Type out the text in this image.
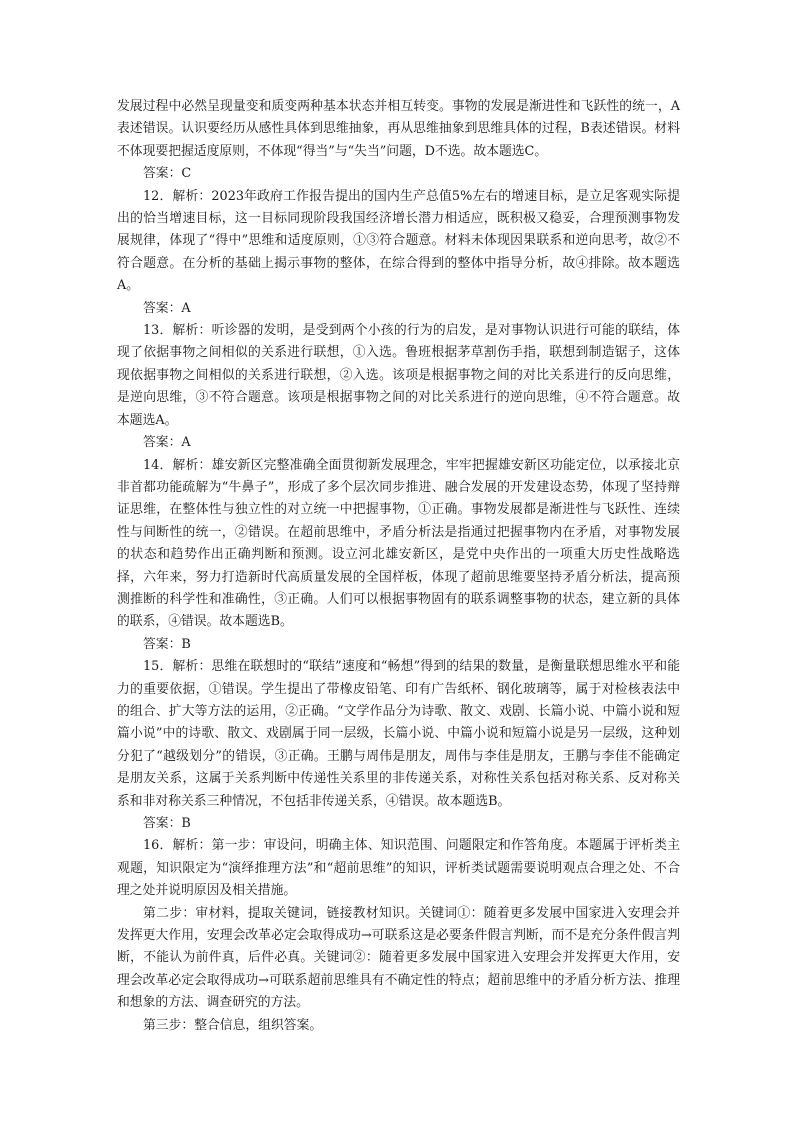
发展过程中必然呈现量变和质变两种基本状态并相互转变。事物的发展是渐进性和飞跃性的统一，A表述错误。认识要经历从感性具体到思维抽象，再从思维抽象到思维具体的过程，B表述错误。材料不体现要把握适度原则，不体现“得当”与“失当”问题，D不选。故本题选C。

答案：C

12．解析：2023年政府工作报告提出的国内生产总值5%左右的增速目标，是立足客观实际提出的恰当增速目标，这一目标同现阶段我国经济增长潜力相适应，既积极又稳妥，合理预测事物发展规律，体现了“得中”思维和适度原则，①③符合题意。材料未体现因果联系和逆向思考，故②不符合题意。在分析的基础上揭示事物的整体，在综合得到的整体中指导分析，故④排除。故本题选A。

答案：A

13．解析：听诊器的发明，是受到两个小孩的行为的启发，是对事物认识进行可能的联结，体现了依据事物之间相似的关系进行联想，①入选。鲁班根据茅草割伤手指，联想到制造锯子，这体现依据事物之间相似的关系进行联想，②入选。该项是根据事物之间的对比关系进行的反向思维，是逆向思维，③不符合题意。该项是根据事物之间的对比关系进行的逆向思维，④不符合题意。故本题选A。

答案：A

14．解析：雄安新区完整准确全面贯彻新发展理念，牢牢把握雄安新区功能定位，以承接北京非首都功能疏解为“牛鼻子”，形成了多个层次同步推进、融合发展的开发建设态势，体现了坚持辩证思维，在整体性与独立性的对立统一中把握事物，①正确。事物发展都是渐进性与飞跃性、连续性与间断性的统一，②错误。在超前思维中，矛盾分析法是指通过把握事物内在矛盾，对事物发展的状态和趋势作出正确判断和预测。设立河北雄安新区，是党中央作出的一项重大历史性战略选择，六年来，努力打造新时代高质量发展的全国样板，体现了超前思维要坚持矛盾分析法，提高预测推断的科学性和准确性，③正确。人们可以根据事物固有的联系调整事物的状态，建立新的具体的联系，④错误。故本题选B。

答案：B

15．解析：思维在联想时的“联结”速度和“畅想”得到的结果的数量，是衡量联想思维水平和能力的重要依据，①错误。学生提出了带橡皮铅笔、印有广告纸杯、钢化玻璃等，属于对检核表法中的组合、扩大等方法的运用，②正确。“文学作品分为诗歌、散文、戏剧、长篇小说、中篇小说和短篇小说”中的诗歌、散文、戏剧属于同一层级，长篇小说、中篇小说和短篇小说是另一层级，这种划分犯了“越级划分”的错误，③正确。王鹏与周伟是朋友，周伟与李佳是朋友，王鹏与李佳不能确定是朋友关系，这属于关系判断中传递性关系里的非传递关系，对称性关系包括对称关系、反对称关系和非对称关系三种情况，不包括非传递关系，④错误。故本题选B。

答案：B

16．解析：第一步：审设问，明确主体、知识范围、问题限定和作答角度。本题属于评析类主观题，知识限定为“演绎推理方法”和“超前思维”的知识，评析类试题需要说明观点合理之处、不合理之处并说明原因及相关措施。

第二步：审材料，提取关键词，链接教材知识。关键词①：随着更多发展中国家进入安理会并发挥更大作用，安理会改革必定会取得成功→可联系这是必要条件假言判断，而不是充分条件假言判断，不能认为前件真，后件必真。关键词②：随着更多发展中国家进入安理会并发挥更大作用，安理会改革必定会取得成功→可联系超前思维具有不确定性的特点；超前思维中的矛盾分析方法、推理和想象的方法、调查研究的方法。

第三步：整合信息，组织答案。
